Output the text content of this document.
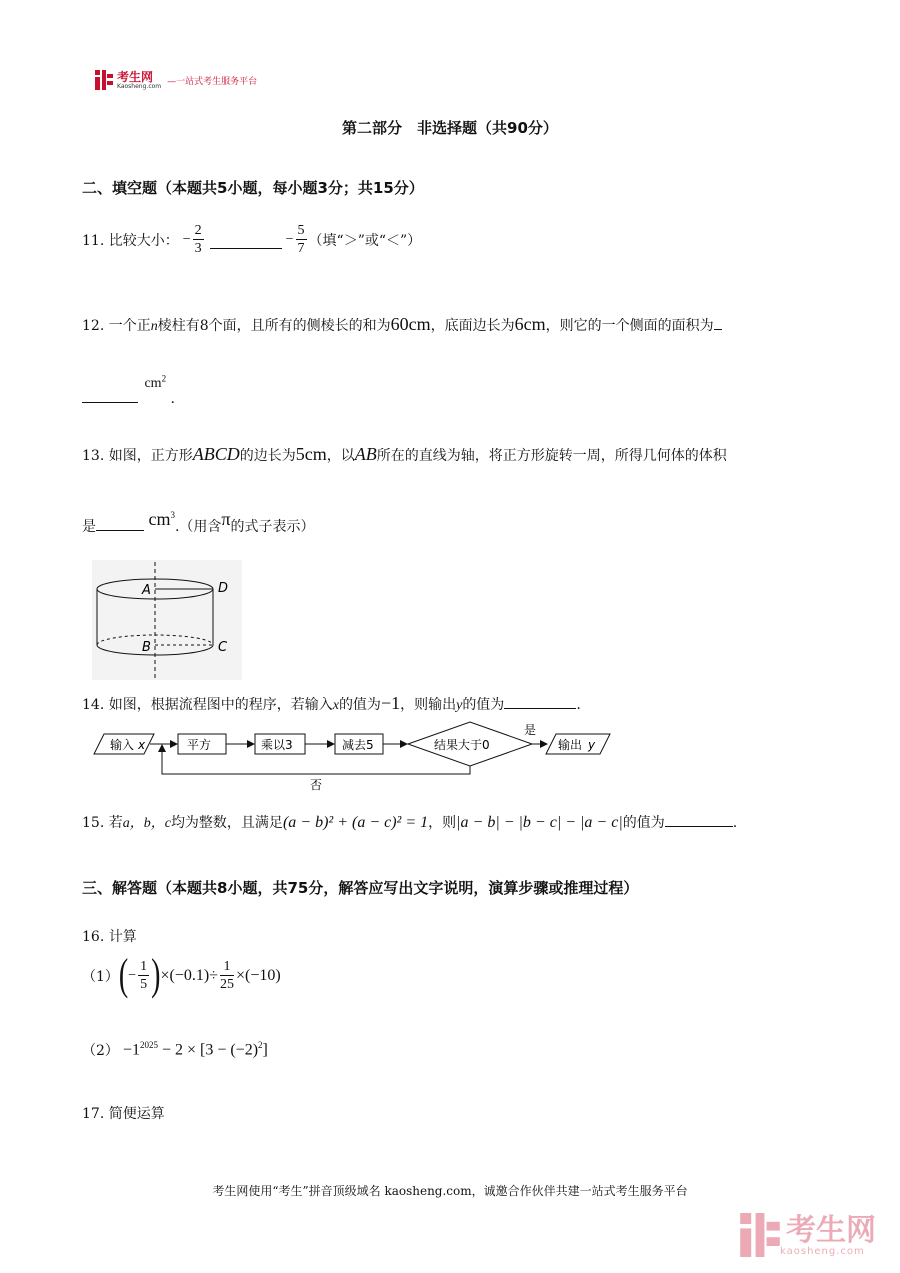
考生网
Kaosheng.com —一站式考生服务平台
第二部分　非选择题（共90分）
二、填空题（本题共5小题，每小题3分；共15分）
11. 比较大小： − $\frac{2}{3}$	− $\frac{5}{7}$ （填“＞”或“＜”）
12. 一个正n棱柱有8个面，且所有的侧棱长的和为60cm，底面边长为6cm，则它的一个侧面的面积为
$cm^2$ .
13. 如图，正方形ABCD的边长为5cm，以AB所在的直线为轴，将正方形旋转一周，所得几何体的体积
是	$cm^3$.（用含π的式子表示）
A	D
B	C
14. 如图，根据流程图中的程序，若输入x的值为−1，则输出y的值为	.
输入 x	平方	乘以3	减去5	结果大于0
是
输出 y
否
15. 若a，b，c均为整数，且满足(a − b)² + (a − c)² = 1，则|a − b| − |b − c| − |a − c|的值为	.
三、解答题（本题共8小题，共75分，解答应写出文字说明，演算步骤或推理过程）
16. 计算
（1） ( − $\frac{1}{5}$ ) $\times(-0.1)\div \frac{1}{25} \times(-10)$
$(2) -1^{2025} - 2 \times [3 - (-2)^2]$
17. 简便运算
考生网使用“考生”拼音顶级域名 kaosheng.com，诚邀合作伙伴共建一站式考生服务平台
考生网
kaosheng.com
